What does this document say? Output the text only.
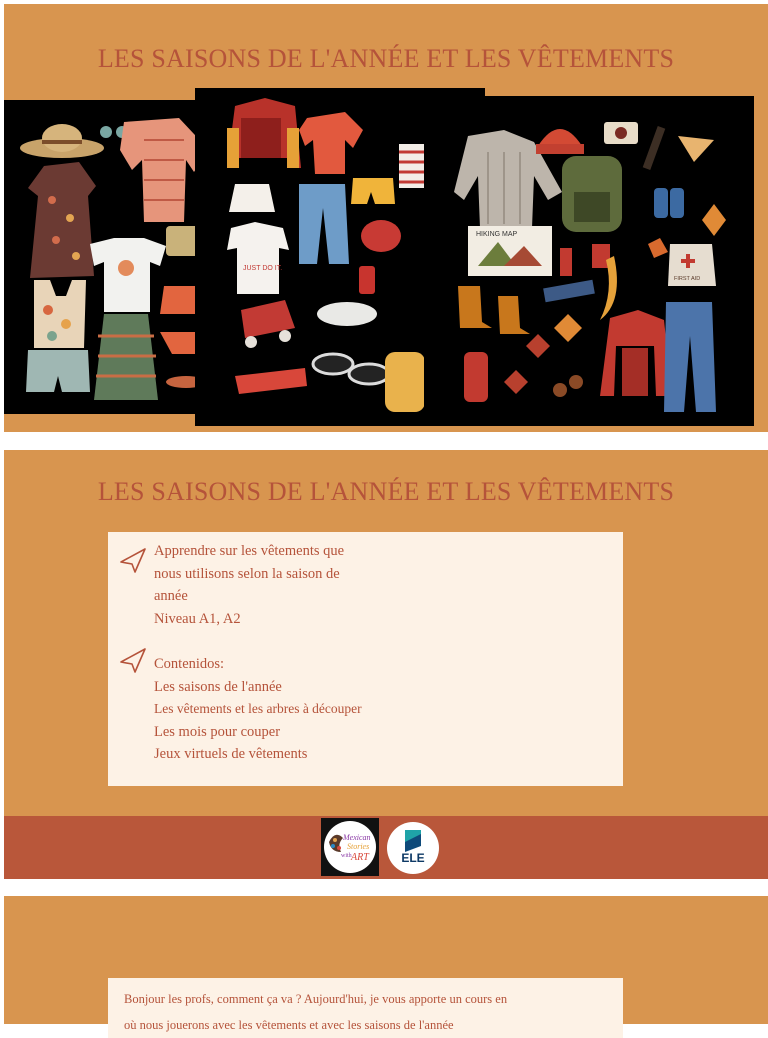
LES SAISONS DE L'ANNÉE ET LES VÊTEMENTS
JUST DO IT.
HIKING MAP
FIRST AID
LES SAISONS DE L'ANNÉE ET LES VÊTEMENTS
Apprendre sur les vêtements que
nous utilisons selon la saison de
année
Niveau A1, A2
Contenidos:
Les saisons de l'année
Les vêtements et les arbres à découper
Les mois pour couper
Jeux virtuels de vêtements
Mexican
Stories
with ART	ELE

Bonjour les profs, comment ça va ? Aujourd'hui, je vous apporte un cours en

où nous jouerons avec les vêtements et avec les saisons de l'année
